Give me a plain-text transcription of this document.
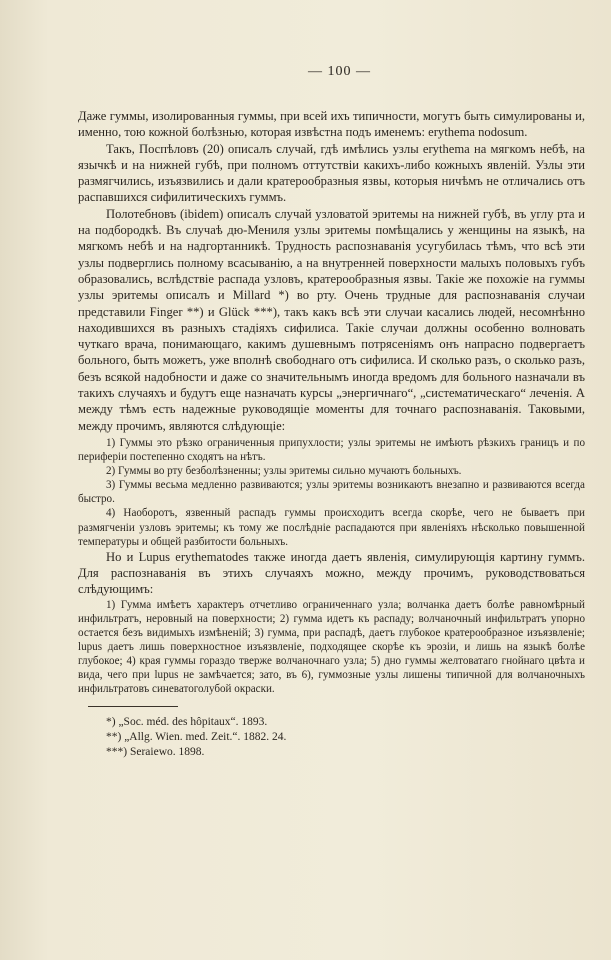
— 100 —

Даже гуммы, изолированныя гуммы, при всей ихъ типичности, могутъ быть симулированы и, именно, тою кожной болѣзнью, которая извѣстна подъ именемъ: erythema nodosum.

Такъ, Поспѣловъ (20) описалъ случай, гдѣ имѣлись узлы erythema на мягкомъ небѣ, на язычкѣ и на нижней губѣ, при полномъ оттутствіи какихъ-либо кожныхъ явленій. Узлы эти размягчились, изъязвились и дали кратерообразныя язвы, которыя ничѣмъ не отличались отъ распавшихся сифилитическихъ гуммъ.

Полотебновъ (ibidem) описалъ случай узловатой эритемы на нижней губѣ, въ углу рта и на подбородкѣ. Въ случаѣ дю-Мениля узлы эритемы помѣщались у женщины на языкѣ, на мягкомъ небѣ и на надгортанникѣ. Трудность распознаванія усугубилась тѣмъ, что всѣ эти узлы подверглись полному всасыванію, а на внутренней поверхности малыхъ половыхъ губъ образовались, вслѣдствіе распада узловъ, кратерообразныя язвы. Такіе же похожіе на гуммы узлы эритемы описалъ и Millard *) во рту. Очень трудные для распознаванія случаи представили Finger **) и Glück ***), такъ какъ всѣ эти случаи касались людей, несомнѣнно находившихся въ разныхъ стадіяхъ сифилиса. Такіе случаи должны особенно волновать чуткаго врача, понимающаго, какимъ душевнымъ потрясеніямъ онъ напрасно подвергаетъ больного, быть можетъ, уже вполнѣ свободнаго отъ сифилиса. И сколько разъ, о сколько разъ, безъ всякой надобности и даже со значительнымъ иногда вредомъ для больного назначали въ такихъ случаяхъ и будутъ еще назначать курсы „энергичнаго“, „систематическаго“ леченія. А между тѣмъ есть надежные руководящіе моменты для точнаго распознаванія. Таковыми, между прочимъ, являются слѣдующіе:

1) Гуммы это рѣзко ограниченныя припухлости; узлы эритемы не имѣютъ рѣзкихъ границъ и по периферіи постепенно сходятъ на нѣтъ.

2) Гуммы во рту безболѣзненны; узлы эритемы сильно мучаютъ больныхъ.

3) Гуммы весьма медленно развиваются; узлы эритемы возникаютъ внезапно и развиваются всегда быстро.

4) Наоборотъ, язвенный распадъ гуммы происходитъ всегда скорѣе, чего не бываетъ при размягченіи узловъ эритемы; къ тому же послѣдніе распадаются при явленіяхъ нѣсколько повышенной температуры и общей разбитости больныхъ.

Но и Lupus erythematodes также иногда даетъ явленія, симулирующія картину гуммъ. Для распознаванія въ этихъ случаяхъ можно, между прочимъ, руководствоваться слѣдующимъ:

1) Гумма имѣетъ характеръ отчетливо ограниченнаго узла; волчанка даетъ болѣе равномѣрный инфильтратъ, неровный на поверхности; 2) гумма идетъ къ распаду; волчаночный инфильтратъ упорно остается безъ видимыхъ измѣненій; 3) гумма, при распадѣ, даетъ глубокое кратерообразное изъязвленіе; lupus даетъ лишь поверхностное изъязвленіе, подходящее скорѣе къ эрозіи, и лишь на языкѣ болѣе глубокое; 4) края гуммы гораздо тверже волчаночнаго узла; 5) дно гуммы желтоватаго гнойнаго цвѣта и вида, чего при lupus не замѣчается; зато, въ 6), гуммозные узлы лишены типичной для волчаночныхъ инфильтратовъ синеватоголубой окраски.

*) „Soc. méd. des hôpitaux“. 1893.
**) „Allg. Wien. med. Zeit.“. 1882. 24.
***) Seraiewo. 1898.
